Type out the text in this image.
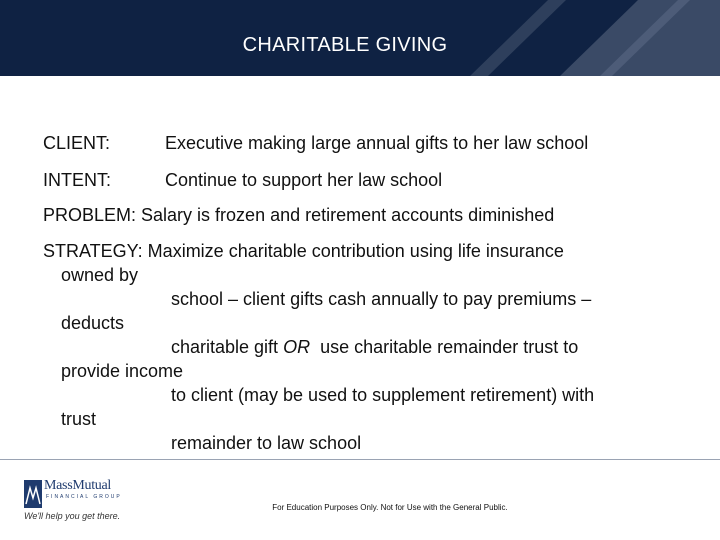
CHARITABLE GIVING
CLIENT:	Executive making large annual gifts to her law school
INTENT:	Continue to support her law school
PROBLEM: Salary is frozen and retirement accounts diminished
STRATEGY: Maximize charitable contribution using life insurance
owned by
school – client gifts cash annually to pay premiums –
deducts
charitable gift OR use charitable remainder trust to
provide income
to client (may be used to supplement retirement) with
trust
remainder to law school
MassMutual
FINANCIAL GROUP
We'll help you get there.
For Education Purposes Only. Not for Use with the General Public.
